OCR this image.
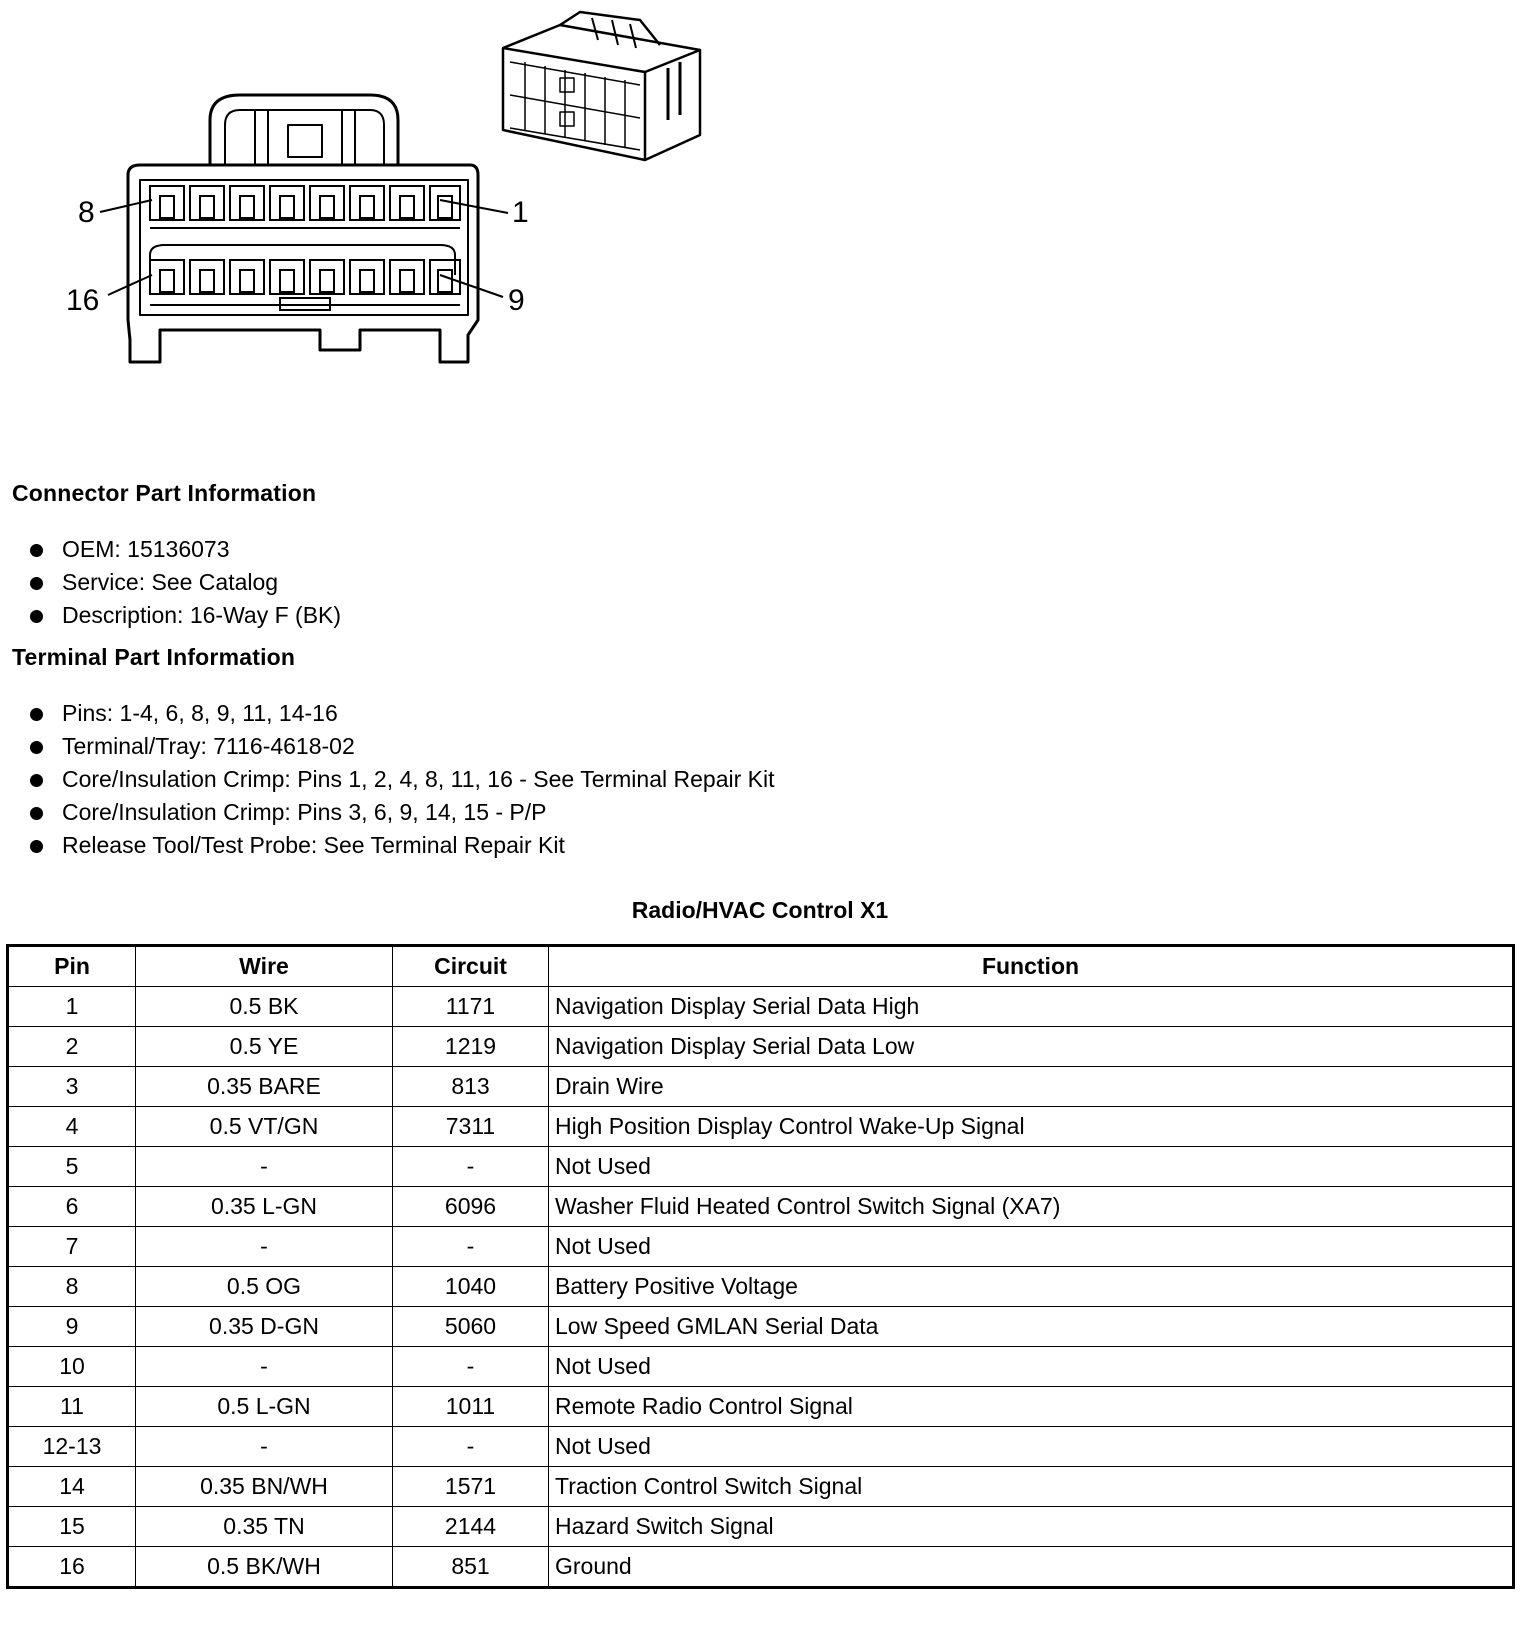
8	1
16	9
Connector Part Information
OEM: 15136073
Service: See Catalog
Description: 16-Way F (BK)
Terminal Part Information
Pins: 1-4, 6, 8, 9, 11, 14-16
Terminal/Tray: 7116-4618-02
Core/Insulation Crimp: Pins 1, 2, 4, 8, 11, 16 - See Terminal Repair Kit
Core/Insulation Crimp: Pins 3, 6, 9, 14, 15 - P/P
Release Tool/Test Probe: See Terminal Repair Kit
Radio/HVAC Control X1
Pin	Wire	Circuit	Function
1	0.5 BK	1171	Navigation Display Serial Data High
2	0.5 YE	1219	Navigation Display Serial Data Low
3	0.35 BARE	813	Drain Wire
4	0.5 VT/GN	7311	High Position Display Control Wake-Up Signal
5	-	-	Not Used
6	0.35 L-GN	6096	Washer Fluid Heated Control Switch Signal (XA7)
7	-	-	Not Used
8	0.5 OG	1040	Battery Positive Voltage
9	0.35 D-GN	5060	Low Speed GMLAN Serial Data
10	-	-	Not Used
11	0.5 L-GN	1011	Remote Radio Control Signal
12-13	-	-	Not Used
14	0.35 BN/WH	1571	Traction Control Switch Signal
15	0.35 TN	2144	Hazard Switch Signal
16	0.5 BK/WH	851	Ground
